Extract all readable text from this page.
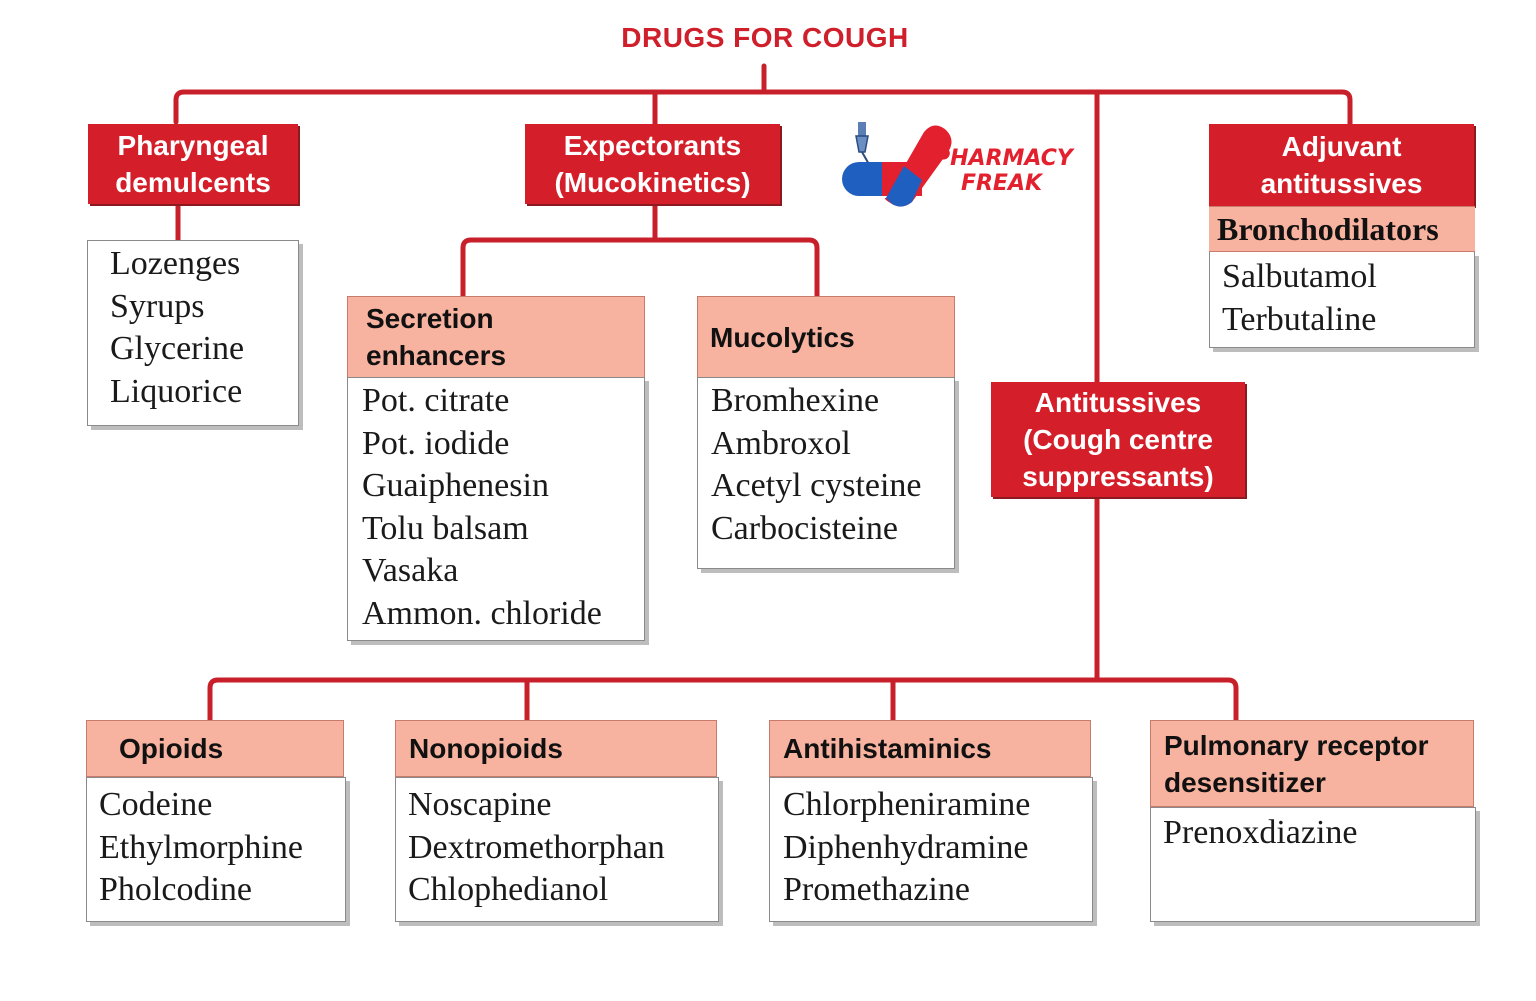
DRUGS FOR COUGH
PHARMACY
FREAK
Pharyngeal
demulcents
Lozenges
Syrups
Glycerine
Liquorice
Expectorants
(Mucokinetics)
Secretion
enhancers
Pot. citrate
Pot. iodide
Guaiphenesin
Tolu balsam
Vasaka
Ammon. chloride
Mucolytics
Bromhexine
Ambroxol
Acetyl cysteine
Carbocisteine
Adjuvant
antitussives
Bronchodilators
Salbutamol
Terbutaline
Antitussives
(Cough centre
suppressants)
Opioids
Codeine
Ethylmorphine
Pholcodine
Nonopioids
Noscapine
Dextromethorphan
Chlophedianol
Antihistaminics
Chlorpheniramine
Diphenhydramine
Promethazine
Pulmonary receptor
desensitizer
Prenoxdiazine
